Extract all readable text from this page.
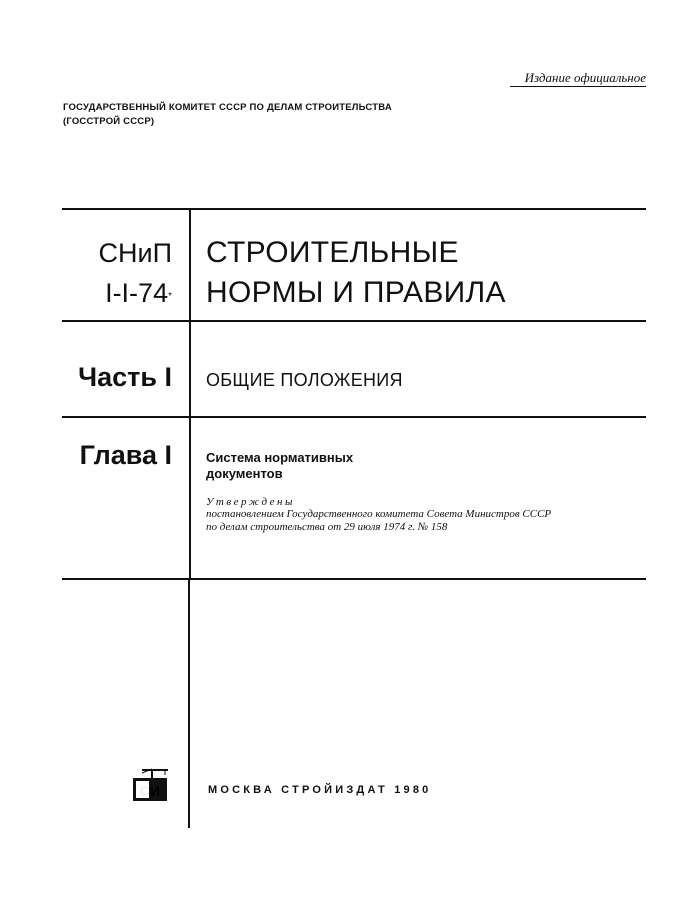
Издание официальное
ГОСУДАРСТВЕННЫЙ КОМИТЕТ СССР ПО ДЕЛАМ СТРОИТЕЛЬСТВА
(ГОССТРОЙ СССР)
СНиП
I-I-74*
СТРОИТЕЛЬНЫЕ
НОРМЫ И ПРАВИЛА
Часть I ОБЩИЕ ПОЛОЖЕНИЯ
Глава I	Система нормативных
документов
Утверждены
постановлением Государственного комитета Совета Министров СССР
по делам строительства от 29 июля 1974 г. № 158
СИ	МОСКВА СТРОЙИЗДАТ 1980
